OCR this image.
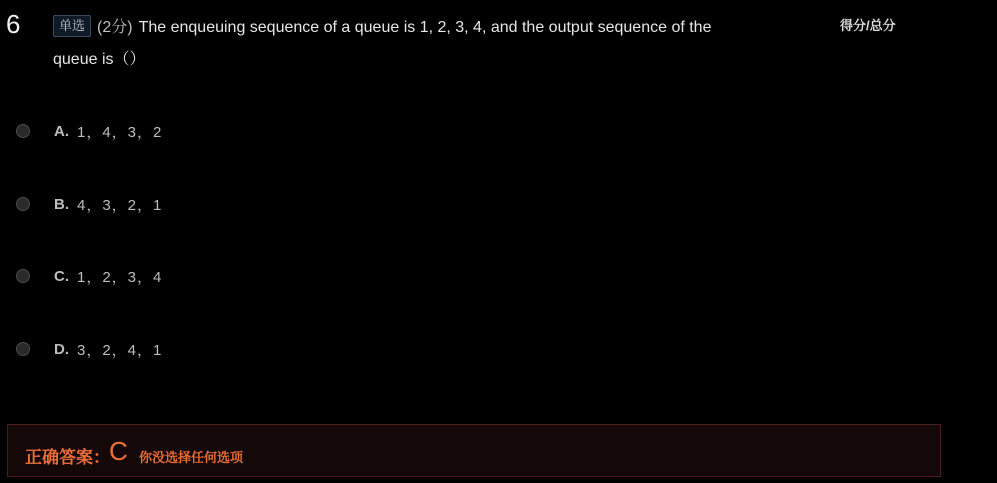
6	单选 (2分) The enqueuing sequence of a queue is 1, 2, 3, 4, and the output sequence of the queue is（）
得分/总分
A. 1，4，3，2
B. 4，3，2，1
C. 1，2，3，4
D. 3，2，4，1
正确答案： C 你没选择任何选项
